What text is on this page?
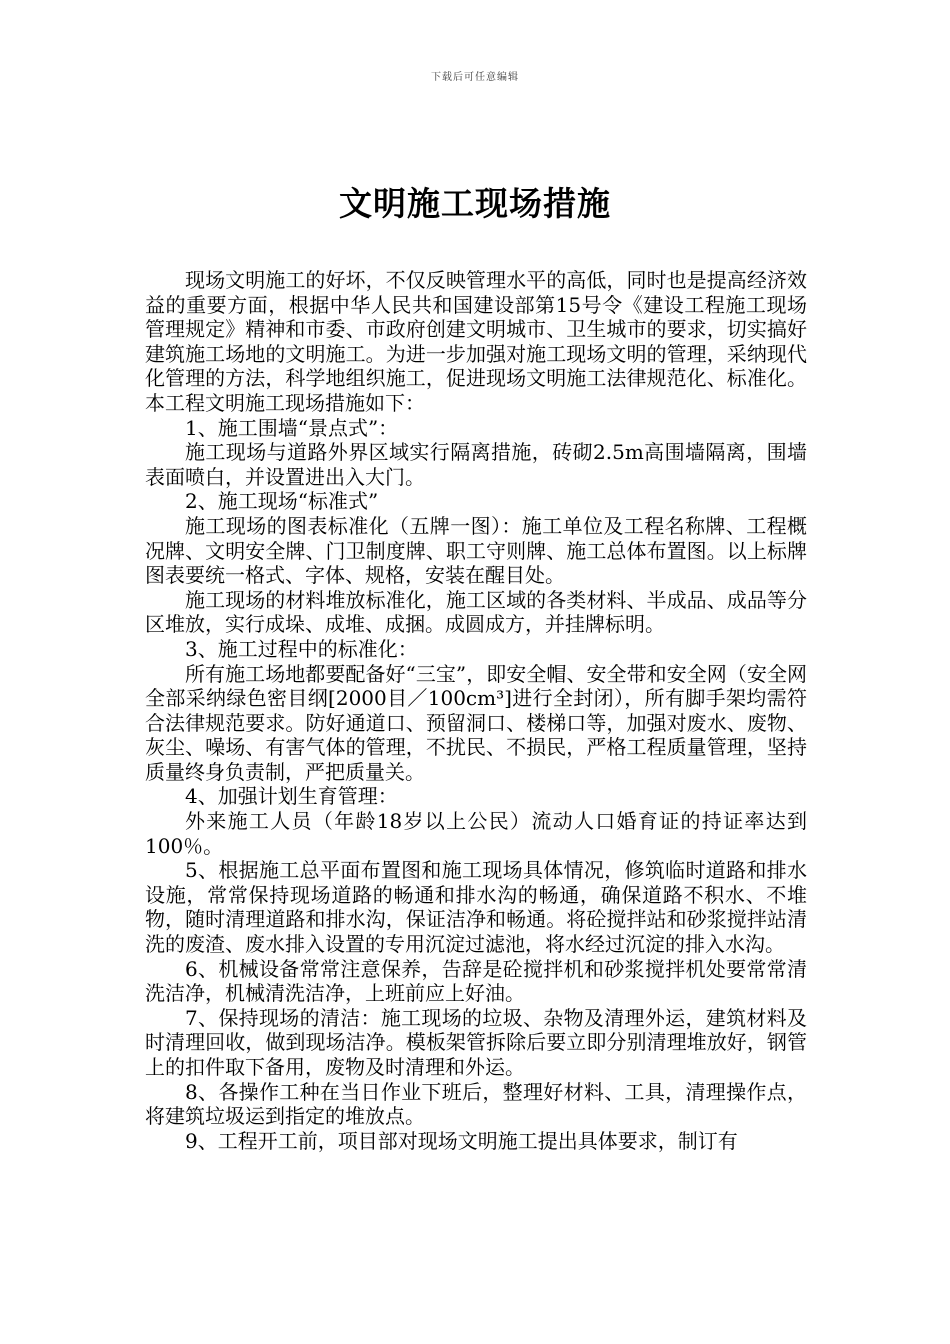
下载后可任意编辑
文明施工现场措施

现场文明施工的好坏，不仅反映管理水平的高低，同时也是提高经济效益的重要方面，根据中华人民共和国建设部第15号令《建设工程施工现场管理规定》精神和市委、市政府创建文明城市、卫生城市的要求，切实搞好建筑施工场地的文明施工。为进一步加强对施工现场文明的管理，采纳现代化管理的方法，科学地组织施工，促进现场文明施工法律规范化、标准化。本工程文明施工现场措施如下：

1、施工围墙“景点式”：

施工现场与道路外界区域实行隔离措施，砖砌2.5m高围墙隔离，围墙表面喷白，并设置进出入大门。

2、施工现场“标准式”

施工现场的图表标准化（五牌一图）：施工单位及工程名称牌、工程概况牌、文明安全牌、门卫制度牌、职工守则牌、施工总体布置图。以上标牌图表要统一格式、字体、规格，安装在醒目处。

施工现场的材料堆放标准化，施工区域的各类材料、半成品、成品等分区堆放，实行成垛、成堆、成捆。成圆成方，并挂牌标明。

3、施工过程中的标准化：

所有施工场地都要配备好“三宝”，即安全帽、安全带和安全网（安全网全部采纳绿色密目纲[2000目／100cm³]进行全封闭），所有脚手架均需符合法律规范要求。防好通道口、预留洞口、楼梯口等，加强对废水、废物、灰尘、噪场、有害气体的管理，不扰民、不损民，严格工程质量管理，坚持质量终身负责制，严把质量关。

4、加强计划生育管理：

外来施工人员（年龄18岁以上公民）流动人口婚育证的持证率达到100％。

5、根据施工总平面布置图和施工现场具体情况，修筑临时道路和排水设施，常常保持现场道路的畅通和排水沟的畅通，确保道路不积水、不堆物，随时清理道路和排水沟，保证洁净和畅通。将砼搅拌站和砂浆搅拌站清洗的废渣、废水排入设置的专用沉淀过滤池，将水经过沉淀的排入水沟。

6、机械设备常常注意保养，告辞是砼搅拌机和砂浆搅拌机处要常常清洗洁净，机械清洗洁净，上班前应上好油。

7、保持现场的清洁：施工现场的垃圾、杂物及清理外运，建筑材料及时清理回收，做到现场洁净。模板架管拆除后要立即分别清理堆放好，钢管上的扣件取下备用，废物及时清理和外运。

8、各操作工种在当日作业下班后，整理好材料、工具，清理操作点，将建筑垃圾运到指定的堆放点。

9、工程开工前，项目部对现场文明施工提出具体要求，制订有
